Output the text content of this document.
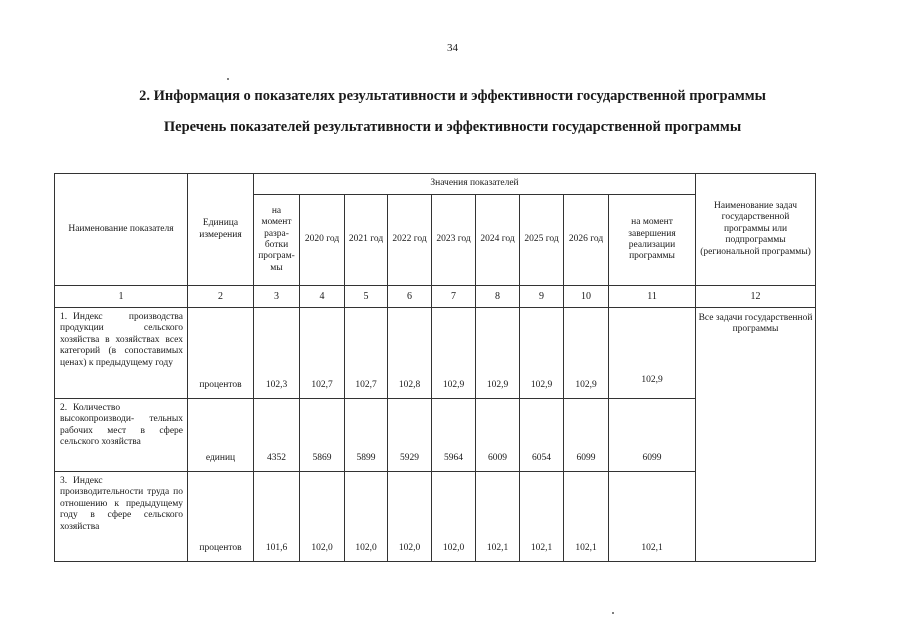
34
2. Информация о показателях результативности и эффективности государственной программы
Перечень показателей результативности и эффективности государственной программы
Наименование показателя	Единица измерения	Значения показателей									Наименование задач государственной программы или подпрограммы (региональной программы)
		на момент разра- ботки програм- мы	2020 год	2021 год	2022 год	2023 год	2024 год	2025 год	2026 год	на момент завершения реализации программы	
1	2	3	4	5	6	7	8	9	10	11	12
1. Индекс производства продукции сельского хозяйства в хозяйствах всех категорий (в сопоставимых ценах) к предыдущему году	процентов	102,3	102,7	102,7	102,8	102,9	102,9	102,9	102,9	102,9	Все задачи государственной программы
2. Количество высокопроизводи- тельных рабочих мест в сфере сельского хозяйства	единиц	4352	5869	5899	5929	5964	6009	6054	6099	6099	
3. Индекс производительности труда по отношению к предыдущему году в сфере сельского хозяйства	процентов	101,6	102,0	102,0	102,0	102,0	102,1	102,1	102,1	102,1	
